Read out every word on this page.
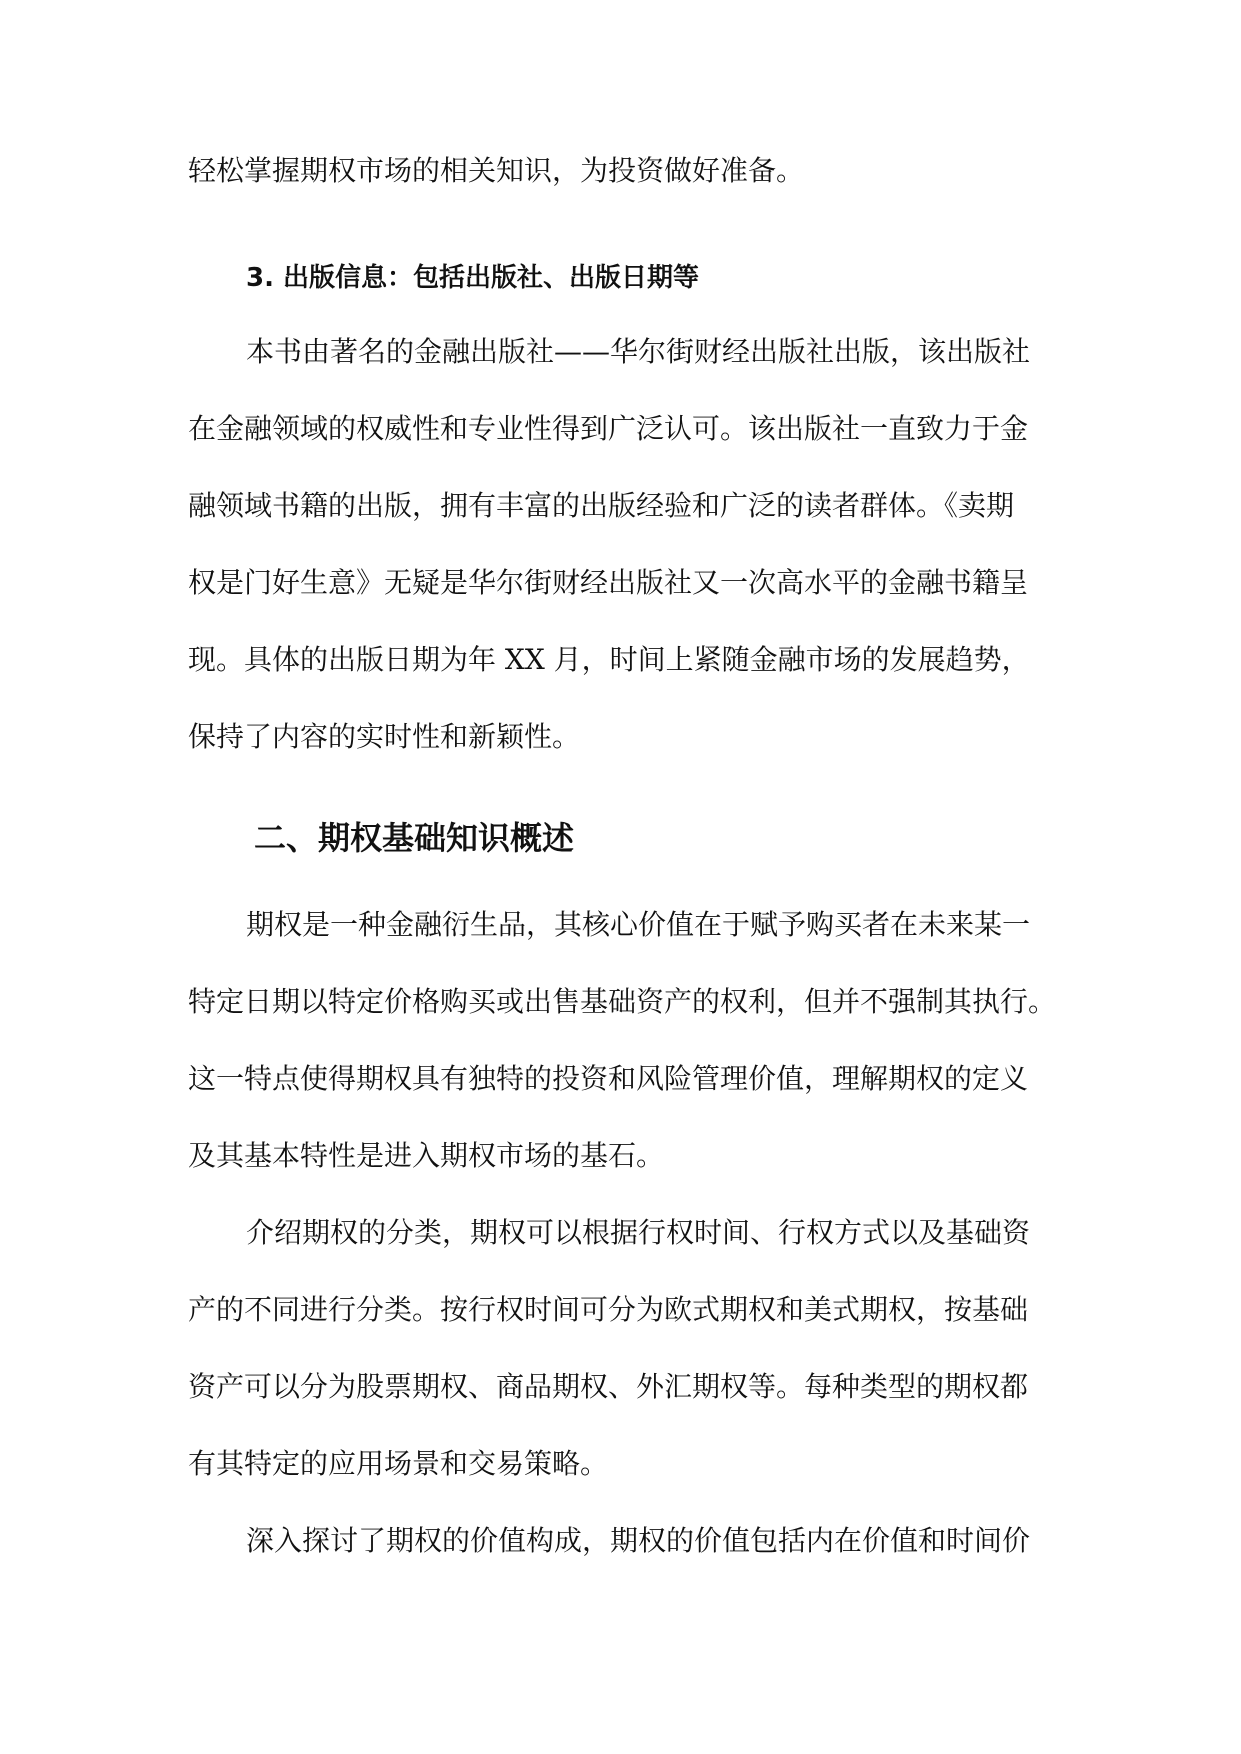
轻松掌握期权市场的相关知识，为投资做好准备。
3. 出版信息：包括出版社、出版日期等
本书由著名的金融出版社——华尔街财经出版社出版，该出版社
在金融领域的权威性和专业性得到广泛认可。该出版社一直致力于金
融领域书籍的出版，拥有丰富的出版经验和广泛的读者群体。《卖期
权是门好生意》无疑是华尔街财经出版社又一次高水平的金融书籍呈
现。具体的出版日期为年 XX 月，时间上紧随金融市场的发展趋势，
保持了内容的实时性和新颖性。
二、期权基础知识概述
期权是一种金融衍生品，其核心价值在于赋予购买者在未来某一
特定日期以特定价格购买或出售基础资产的权利，但并不强制其执行。
这一特点使得期权具有独特的投资和风险管理价值，理解期权的定义
及其基本特性是进入期权市场的基石。
介绍期权的分类，期权可以根据行权时间、行权方式以及基础资
产的不同进行分类。按行权时间可分为欧式期权和美式期权，按基础
资产可以分为股票期权、商品期权、外汇期权等。每种类型的期权都
有其特定的应用场景和交易策略。
深入探讨了期权的价值构成，期权的价值包括内在价值和时间价
